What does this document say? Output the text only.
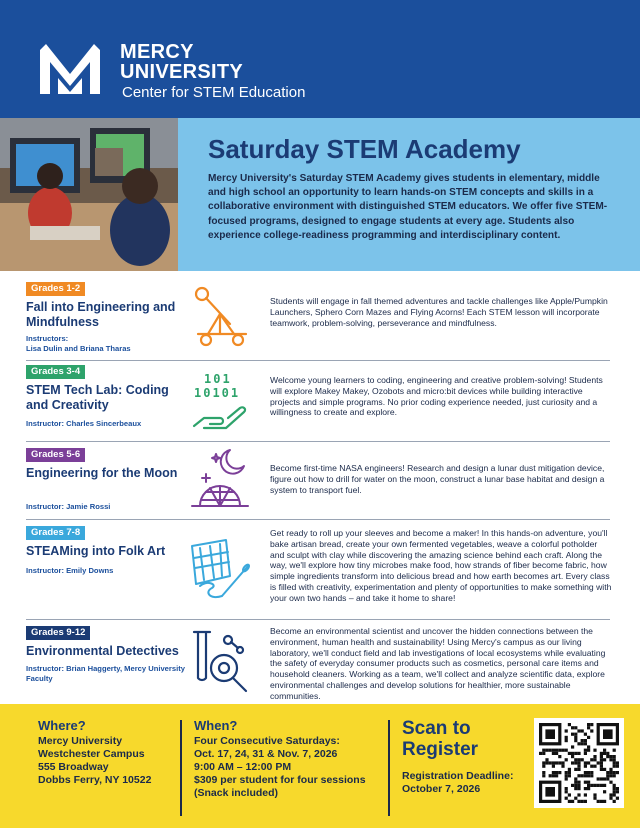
MERCY
UNIVERSITY
Center for STEM Education
Saturday STEM Academy
Mercy University's Saturday STEM Academy gives students in elementary, middle and high school an opportunity to learn hands-on STEM concepts and skills in a collaborative environment with distinguished STEM educators. We offer five STEM-focused programs, designed to engage students at every age. Students also experience college-readiness programming and interdisciplinary content.
Grades 1-2
Fall into Engineering and Mindfulness
Instructors:
Lisa Dulin and Briana Tharas
Students will engage in fall themed adventures and tackle challenges like Apple/Pumpkin Launchers, Sphero Corn Mazes and Flying Acorns! Each STEM lesson will incorporate teamwork, problem-solving, perseverance and mindfulness.
Grades 3-4
STEM Tech Lab: Coding and Creativity
Instructor: Charles Sincerbeaux
101
10101
Welcome young learners to coding, engineering and creative problem-solving! Students will explore Makey Makey, Ozobots and micro:bit devices while building interactive projects and simple programs. No prior coding experience needed, just curiosity and a willingness to create and explore.
Grades 5-6
Engineering for the Moon
Instructor: Jamie Rossi
Become first-time NASA engineers! Research and design a lunar dust mitigation device, figure out how to drill for water on the moon, construct a lunar base habitat and design a system to transport fuel.
Grades 7-8
STEAMing into Folk Art
Instructor: Emily Downs
Get ready to roll up your sleeves and become a maker! In this hands-on adventure, you'll bake artisan bread, create your own fermented vegetables, weave a colorful potholder and sculpt with clay while discovering the amazing science behind each craft. Along the way, we'll explore how tiny microbes make food, how strands of fiber become fabric, how simple ingredients transform into delicious bread and how earth becomes art. Every class is filled with creativity, experimentation and plenty of opportunities to make something with your own two hands – and take it home to share!
Grades 9-12
Environmental Detectives
Instructor: Brian Haggerty, Mercy University Faculty
Become an environmental scientist and uncover the hidden connections between the environment, human health and sustainability! Using Mercy's campus as our living laboratory, we'll conduct field and lab investigations of local ecosystems while evaluating the safety of everyday consumer products such as cosmetics, personal care items and household cleaners. Working as a team, we'll collect and analyze scientific data, explore environmental challenges and develop solutions for healthier, more sustainable communities.
Where?
Mercy University
Westchester Campus
555 Broadway
Dobbs Ferry, NY 10522
When?
Four Consecutive Saturdays:
Oct. 17, 24, 31 & Nov. 7, 2026
9:00 AM – 12:00 PM
$309 per student for four sessions
(Snack included)
Scan to
Register
Registration Deadline:
October 7, 2026
